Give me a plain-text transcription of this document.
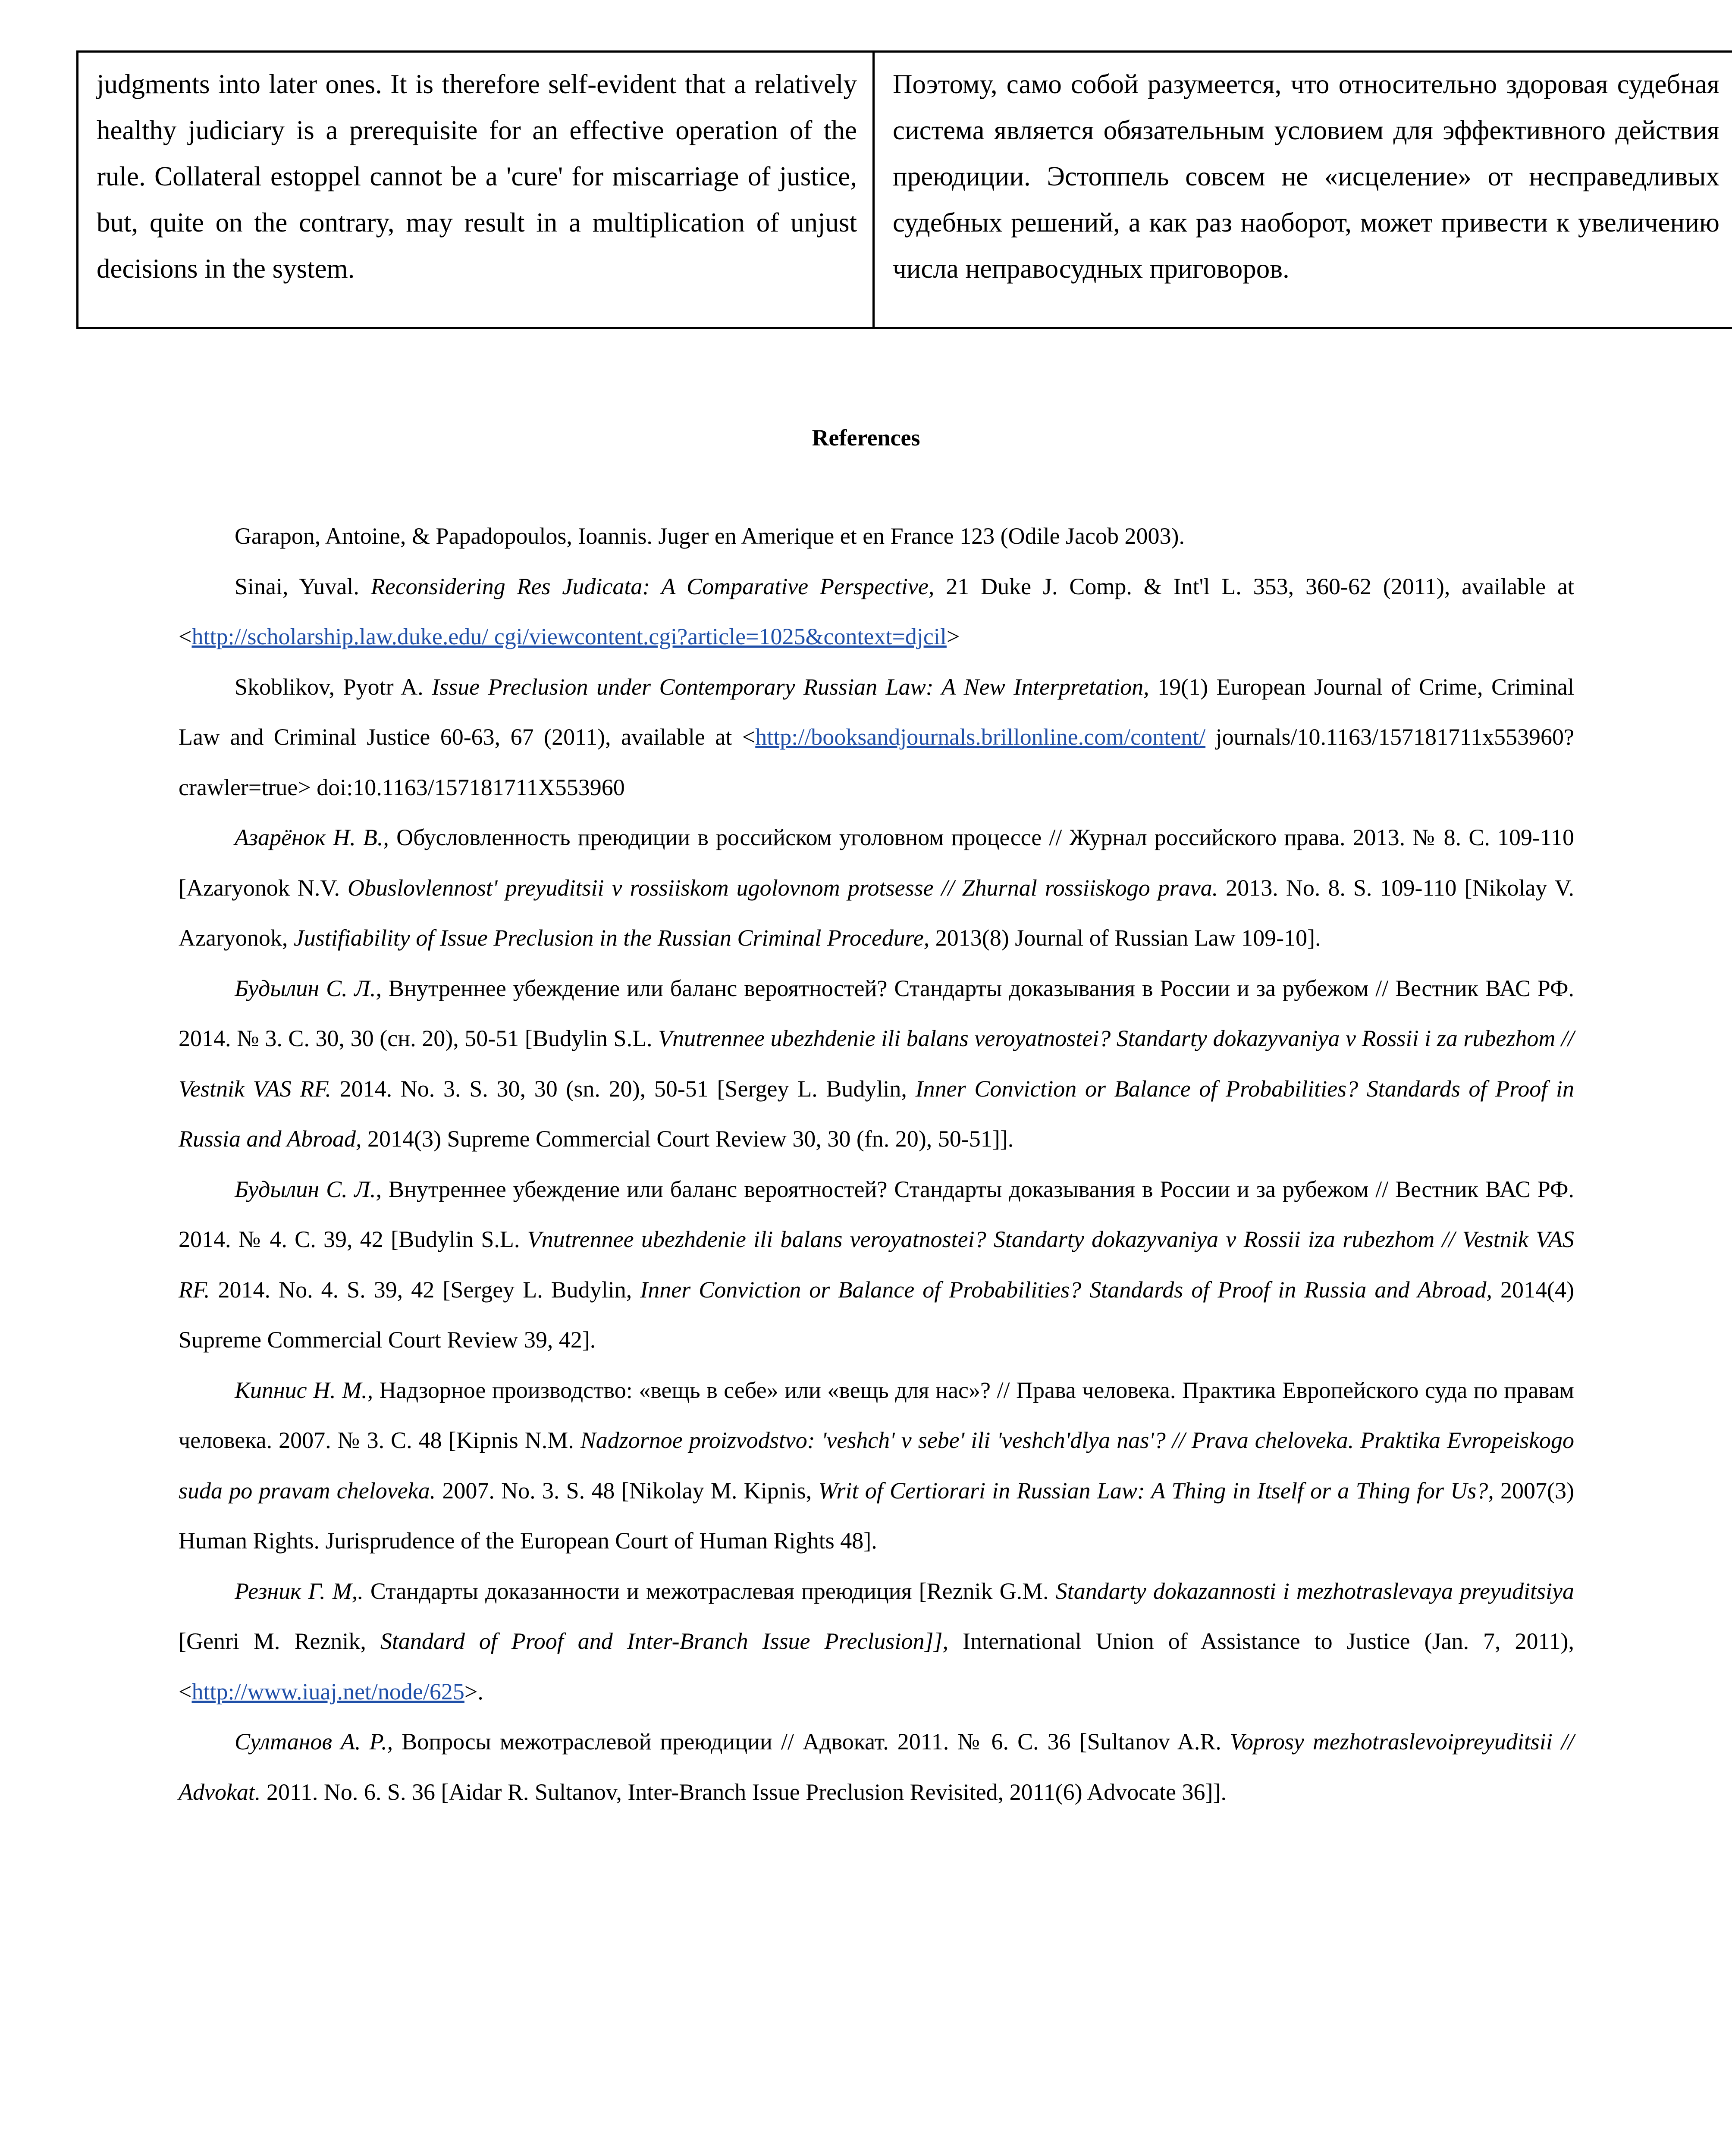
judgments into later ones. It is therefore self-evident that a relatively healthy judiciary is a prerequisite for an effective operation of the rule. Collateral estoppel cannot be a 'cure' for miscarriage of justice, but, quite on the contrary, may result in a multiplication of unjust decisions in the system.	Поэтому, само собой разумеется, что относительно здоровая судебная система является обязательным условием для эффективного действия преюдиции. Эстоппель совсем не «исцеление» от несправедливых судебных решений, а как раз наоборот, может привести к увеличению числа неправосудных приговоров.
References

Garapon, Antoine, & Papadopoulos, Ioannis. Juger en Amerique et en France 123 (Odile Jacob 2003).

Sinai, Yuval. Reconsidering Res Judicata: A Comparative Perspective, 21 Duke J. Comp. & Int'l L. 353, 360-62 (2011), available at <http://scholarship.law.duke.edu/ cgi/viewcontent.cgi?article=1025&context=djcil>

Skoblikov, Pyotr A. Issue Preclusion under Contemporary Russian Law: A New Interpretation, 19(1) European Journal of Crime, Criminal Law and Criminal Justice 60-63, 67 (2011), available at <http://booksandjournals.brillonline.com/content/ journals/10.1163/157181711x553960?crawler=true> doi:10.1163/157181711X553960

Азарёнок Н. В., Обусловленность преюдиции в российском уголовном процессе // Журнал российского права. 2013. № 8. С. 109-110 [Azaryonok N.V. Obuslovlennost' preyuditsii v rossiiskom ugolovnom protsesse // Zhurnal rossiiskogo prava. 2013. No. 8. S. 109-110 [Nikolay V. Azaryonok, Justifiability of Issue Preclusion in the Russian Criminal Procedure, 2013(8) Journal of Russian Law 109-10].

Будылин С. Л., Внутреннее убеждение или баланс вероятностей? Стандарты доказывания в России и за рубежом // Вестник ВАС РФ. 2014. № 3. С. 30, 30 (сн. 20), 50-51 [Budylin S.L. Vnutrennee ubezhdenie ili balans veroyatnostei? Standarty dokazyvaniya v Rossii i za rubezhom // Vestnik VAS RF. 2014. No. 3. S. 30, 30 (sn. 20), 50-51 [Sergey L. Budylin, Inner Conviction or Balance of Probabilities? Standards of Proof in Russia and Abroad, 2014(3) Supreme Commercial Court Review 30, 30 (fn. 20), 50-51]].

Будылин С. Л., Внутреннее убеждение или баланс вероятностей? Стандарты доказывания в России и за рубежом // Вестник ВАС РФ. 2014. № 4. С. 39, 42 [Budylin S.L. Vnutrennee ubezhdenie ili balans veroyatnostei? Standarty dokazyvaniya v Rossii iza rubezhom // Vestnik VAS RF. 2014. No. 4. S. 39, 42 [Sergey L. Budylin, Inner Conviction or Balance of Probabilities? Standards of Proof in Russia and Abroad, 2014(4) Supreme Commercial Court Review 39, 42].

Кипнис Н. М., Надзорное производство: «вещь в себе» или «вещь для нас»? // Права человека. Практика Европейского суда по правам человека. 2007. № 3. С. 48 [Kipnis N.M. Nadzornoe proizvodstvo: 'veshch' v sebe' ili 'veshch'dlya nas'? // Prava cheloveka. Praktika Evropeiskogo suda po pravam cheloveka. 2007. No. 3. S. 48 [Nikolay M. Kipnis, Writ of Certiorari in Russian Law: A Thing in Itself or a Thing for Us?, 2007(3) Human Rights. Jurisprudence of the European Court of Human Rights 48].

Резник Г. М,. Стандарты доказанности и межотраслевая преюдиция [Reznik G.M. Standarty dokazannosti i mezhotraslevaya preyuditsiya [Genri M. Reznik, Standard of Proof and Inter-Branch Issue Preclusion]], International Union of Assistance to Justice (Jan. 7, 2011), <http://www.iuaj.net/node/625>.

Султанов А. Р., Вопросы межотраслевой преюдиции // Адвокат. 2011. № 6. С. 36 [Sultanov A.R. Voprosy mezhotraslevoipreyuditsii // Advokat. 2011. No. 6. S. 36 [Aidar R. Sultanov, Inter-Branch Issue Preclusion Revisited, 2011(6) Advocate 36]].
